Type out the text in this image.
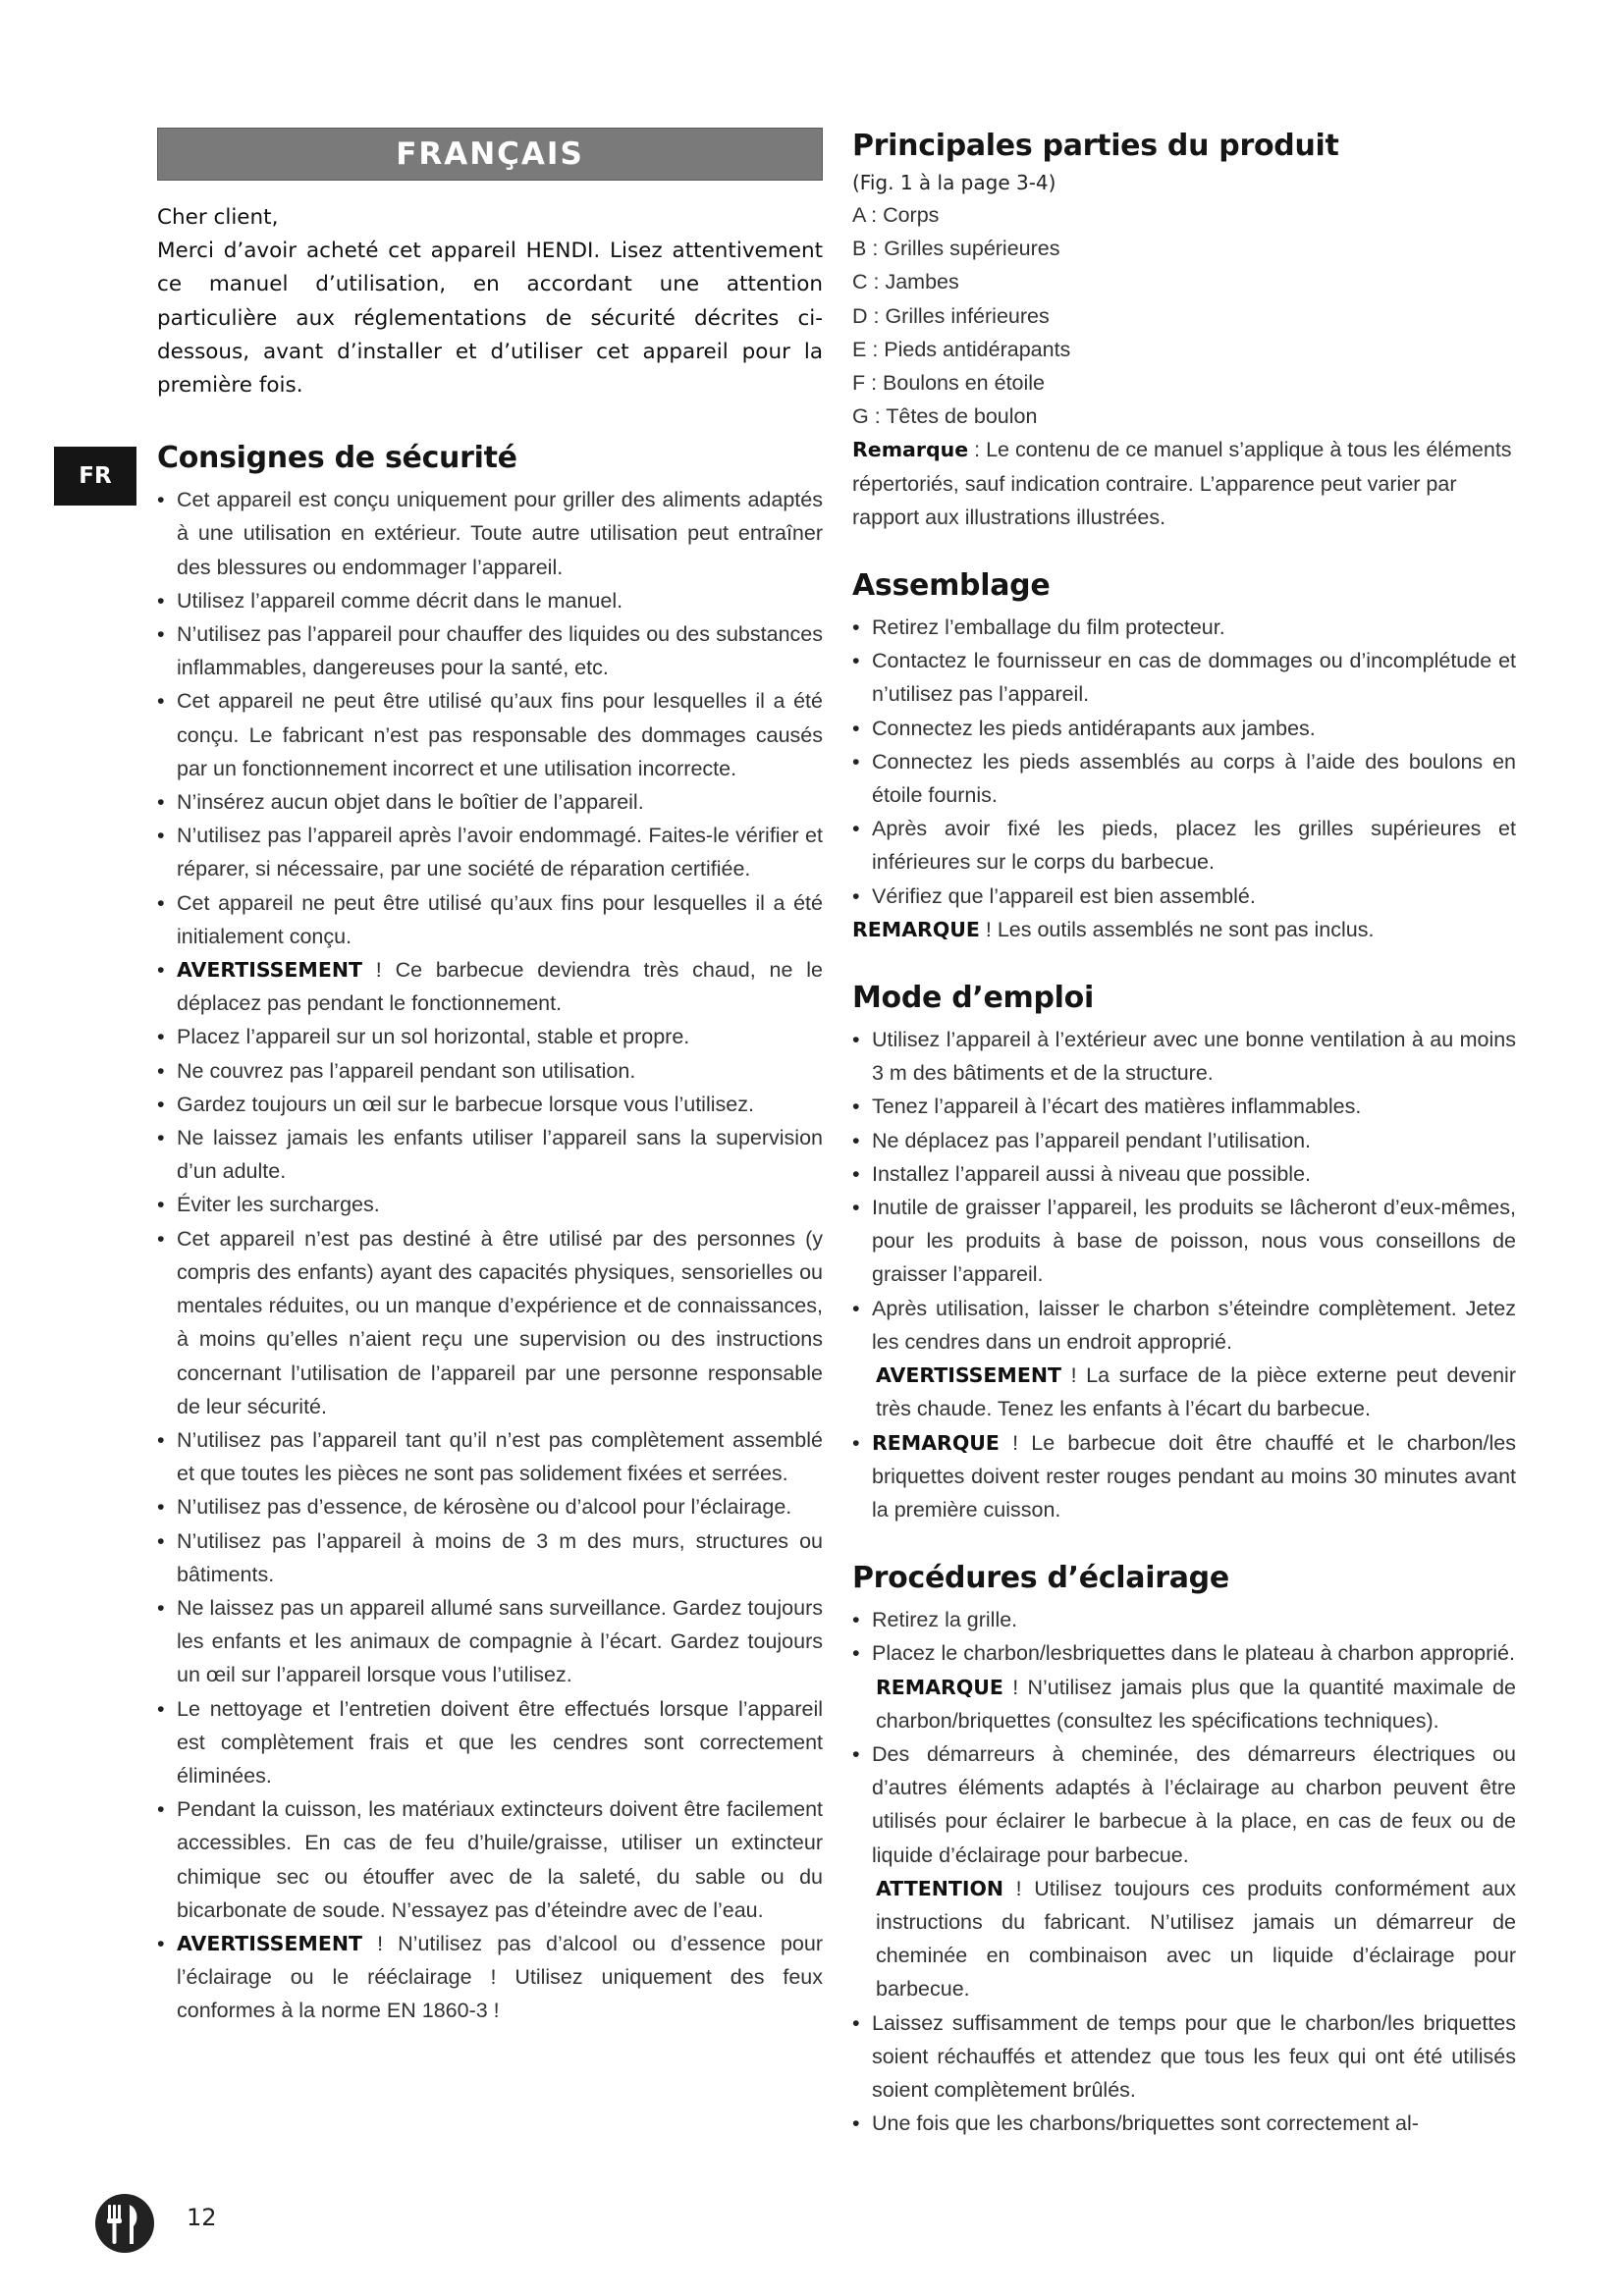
FR
FRANÇAIS

Cher client,
Merci d’avoir acheté cet appareil HENDI. Lisez attentivement ce manuel d’utilisation, en accordant une attention particulière aux réglementations de sécurité décrites ci-dessous, avant d’installer et d’utiliser cet appareil pour la première fois.

Consignes de sécurité
• Cet appareil est conçu uniquement pour griller des aliments adaptés à une utilisation en extérieur. Toute autre utilisation peut entraîner des blessures ou endommager l’appareil.
• Utilisez l’appareil comme décrit dans le manuel.
• N’utilisez pas l’appareil pour chauffer des liquides ou des substances inflammables, dangereuses pour la santé, etc.
• Cet appareil ne peut être utilisé qu’aux fins pour lesquelles il a été conçu. Le fabricant n’est pas responsable des dommages causés par un fonctionnement incorrect et une utilisation incorrecte.
• N’insérez aucun objet dans le boîtier de l’appareil.
• N’utilisez pas l’appareil après l’avoir endommagé. Faites-le vérifier et réparer, si nécessaire, par une société de réparation certifiée.
• Cet appareil ne peut être utilisé qu’aux fins pour lesquelles il a été initialement conçu.
• AVERTISSEMENT ! Ce barbecue deviendra très chaud, ne le déplacez pas pendant le fonctionnement.
• Placez l’appareil sur un sol horizontal, stable et propre.
• Ne couvrez pas l’appareil pendant son utilisation.
• Gardez toujours un œil sur le barbecue lorsque vous l’utilisez.
• Ne laissez jamais les enfants utiliser l’appareil sans la supervision d’un adulte.
• Éviter les surcharges.
• Cet appareil n’est pas destiné à être utilisé par des personnes (y compris des enfants) ayant des capacités physiques, sensorielles ou mentales réduites, ou un manque d’expérience et de connaissances, à moins qu’elles n’aient reçu une supervision ou des instructions concernant l’utilisation de l’appareil par une personne responsable de leur sécurité.
• N’utilisez pas l’appareil tant qu’il n’est pas complètement assemblé et que toutes les pièces ne sont pas solidement fixées et serrées.
• N’utilisez pas d’essence, de kérosène ou d’alcool pour l’éclairage.
• N’utilisez pas l’appareil à moins de 3 m des murs, structures ou bâtiments.
• Ne laissez pas un appareil allumé sans surveillance. Gardez toujours les enfants et les animaux de compagnie à l’écart. Gardez toujours un œil sur l’appareil lorsque vous l’utilisez.
• Le nettoyage et l’entretien doivent être effectués lorsque l’appareil est complètement frais et que les cendres sont correctement éliminées.
• Pendant la cuisson, les matériaux extincteurs doivent être facilement accessibles. En cas de feu d’huile/graisse, utiliser un extincteur chimique sec ou étouffer avec de la saleté, du sable ou du bicarbonate de soude. N’essayez pas d’éteindre avec de l’eau.
• AVERTISSEMENT ! N’utilisez pas d’alcool ou d’essence pour l’éclairage ou le rééclairage ! Utilisez uniquement des feux conformes à la norme EN 1860-3 !
Principales parties du produit

(Fig. 1 à la page 3-4)

A : Corps
B : Grilles supérieures
C : Jambes
D : Grilles inférieures
E : Pieds antidérapants
F : Boulons en étoile
G : Têtes de boulon

Remarque : Le contenu de ce manuel s’applique à tous les éléments répertoriés, sauf indication contraire. L’apparence peut varier par rapport aux illustrations illustrées.

Assemblage
• Retirez l’emballage du film protecteur.
• Contactez le fournisseur en cas de dommages ou d’incomplétude et n’utilisez pas l’appareil.
• Connectez les pieds antidérapants aux jambes.
• Connectez les pieds assemblés au corps à l’aide des boulons en étoile fournis.
• Après avoir fixé les pieds, placez les grilles supérieures et inférieures sur le corps du barbecue.
• Vérifiez que l’appareil est bien assemblé.

REMARQUE ! Les outils assemblés ne sont pas inclus.

Mode d’emploi
• Utilisez l’appareil à l’extérieur avec une bonne ventilation à au moins 3 m des bâtiments et de la structure.
• Tenez l’appareil à l’écart des matières inflammables.
• Ne déplacez pas l’appareil pendant l’utilisation.
• Installez l’appareil aussi à niveau que possible.
• Inutile de graisser l’appareil, les produits se lâcheront d’eux-mêmes, pour les produits à base de poisson, nous vous conseillons de graisser l’appareil.
• Après utilisation, laisser le charbon s’éteindre complètement. Jetez les cendres dans un endroit approprié.
AVERTISSEMENT ! La surface de la pièce externe peut devenir très chaude. Tenez les enfants à l’écart du barbecue.
• REMARQUE ! Le barbecue doit être chauffé et le charbon/les briquettes doivent rester rouges pendant au moins 30 minutes avant la première cuisson.
Procédures d’éclairage
• Retirez la grille.
• Placez le charbon/lesbriquettes dans le plateau à charbon approprié.
REMARQUE ! N’utilisez jamais plus que la quantité maximale de charbon/briquettes (consultez les spécifications techniques).
• Des démarreurs à cheminée, des démarreurs électriques ou d’autres éléments adaptés à l’éclairage au charbon peuvent être utilisés pour éclairer le barbecue à la place, en cas de feux ou de liquide d’éclairage pour barbecue.
ATTENTION ! Utilisez toujours ces produits conformément aux instructions du fabricant. N’utilisez jamais un démarreur de cheminée en combinaison avec un liquide d’éclairage pour barbecue.
• Laissez suffisamment de temps pour que le charbon/les briquettes soient réchauffés et attendez que tous les feux qui ont été utilisés soient complètement brûlés.
• Une fois que les charbons/briquettes sont correctement al-
12
